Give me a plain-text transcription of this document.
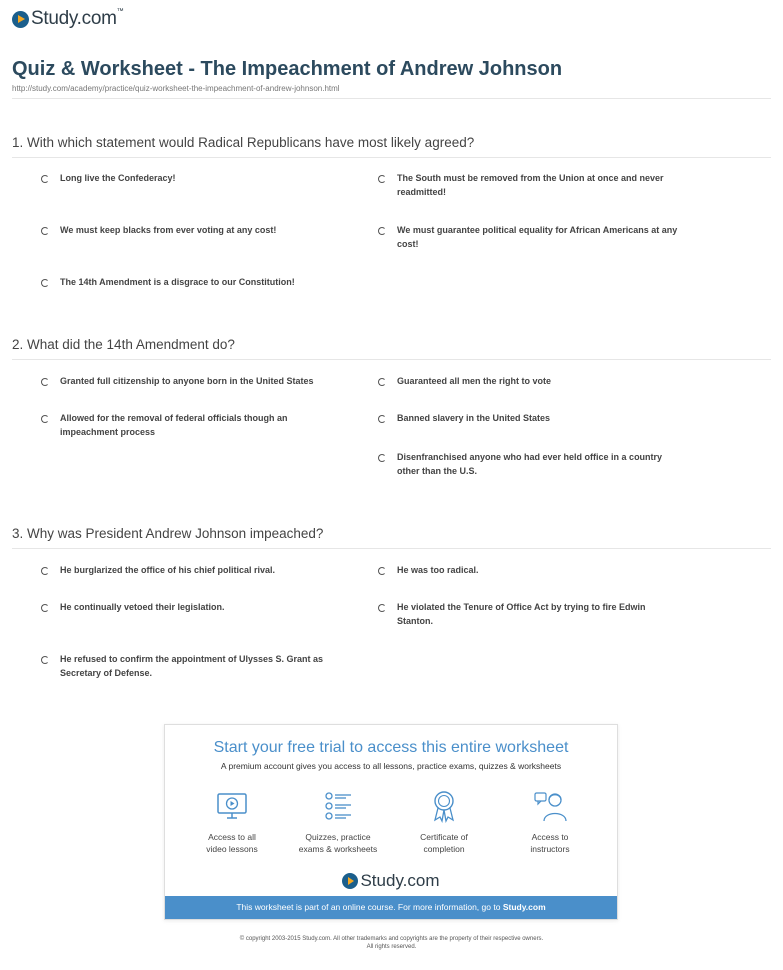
Study.com™
Quiz & Worksheet - The Impeachment of Andrew Johnson
http://study.com/academy/practice/quiz-worksheet-the-impeachment-of-andrew-johnson.html
1. With which statement would Radical Republicans have most likely agreed?
Long live the Confederacy!	The South must be removed from the Union at once and never readmitted!
We must keep blacks from ever voting at any cost!	We must guarantee political equality for African Americans at any cost!
The 14th Amendment is a disgrace to our Constitution!
2. What did the 14th Amendment do?
Granted full citizenship to anyone born in the United States	Guaranteed all men the right to vote
Allowed for the removal of federal officials though an impeachment process
Banned slavery in the United States
Disenfranchised anyone who had ever held office in a country other than the U.S.
3. Why was President Andrew Johnson impeached?
He burglarized the office of his chief political rival.	He was too radical.
He continually vetoed their legislation.	He violated the Tenure of Office Act by trying to fire Edwin Stanton.
He refused to confirm the appointment of Ulysses S. Grant as Secretary of Defense.
Start your free trial to access this entire worksheet
A premium account gives you access to all lessons, practice exams, quizzes & worksheets
Access to all
video lessons
Quizzes, practice
exams & worksheets
Certificate of
completion
Access to
instructors
Study.com
This worksheet is part of an online course. For more information, go to Study.com
© copyright 2003-2015 Study.com. All other trademarks and copyrights are the property of their respective owners.
All rights reserved.
